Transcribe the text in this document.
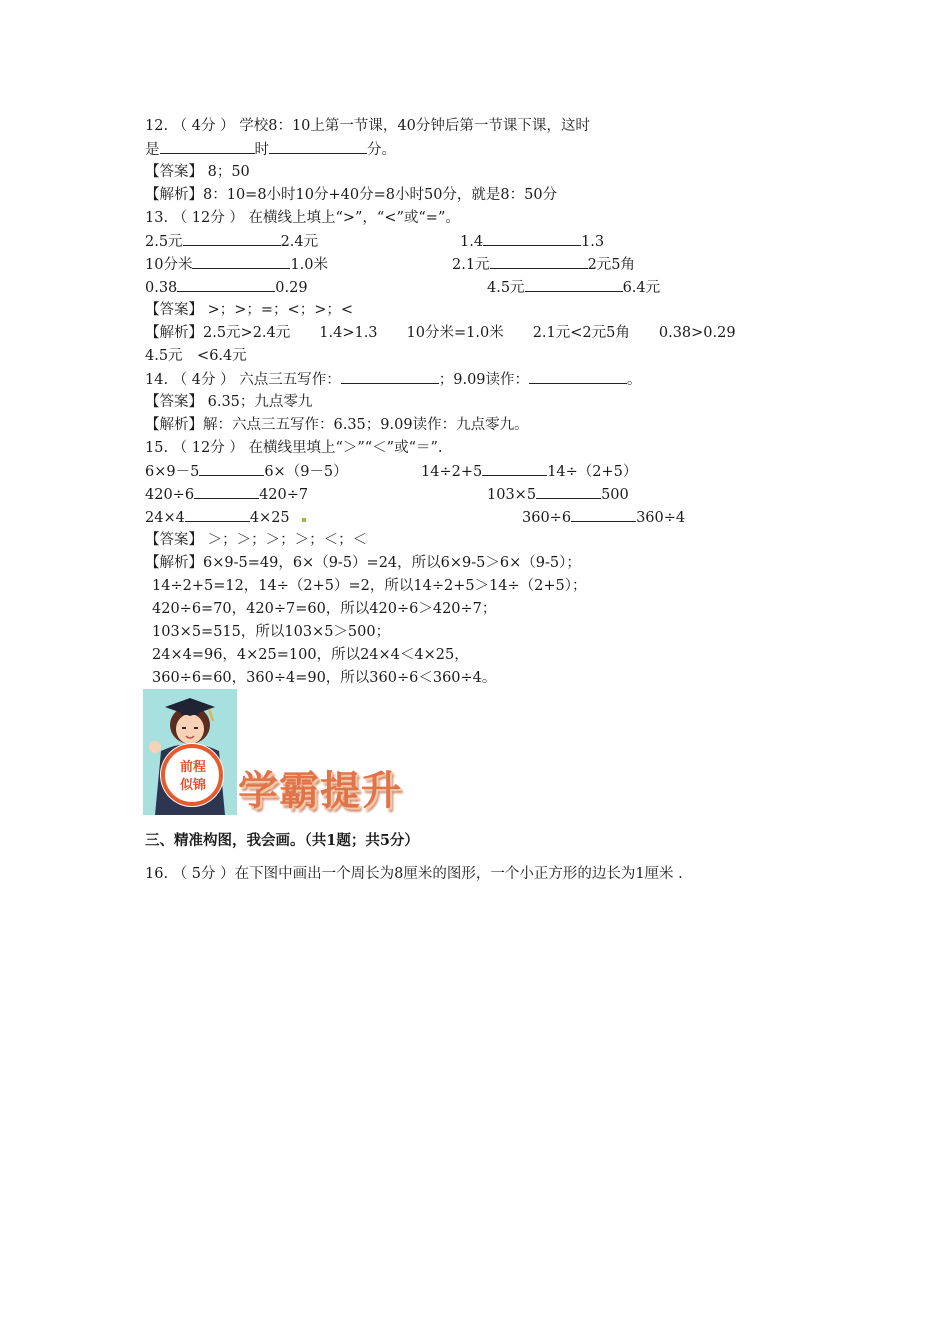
12. （ 4分 ） 学校8：10上第一节课，40分钟后第一节课下课，这时
是	时	分。
【答案】 8；50
【解析】8：10=8小时10分+40分=8小时50分，就是8：50分
13. （ 12分 ） 在横线上填上“>”，“<”或“=”。
2.5元	2.4元	1.4	1.3
10分米	1.0米	2.1元	2元5角
0.38	0.29	4.5元	6.4元
【答案】 >；>；=；<；>；<
【解析】2.5元>2.4元　　1.4>1.3　　10分米=1.0米　　2.1元<2元5角　　0.38>0.29
4.5元　<6.4元
14. （ 4分 ） 六点三五写作：	；9.09读作：	。
【答案】 6.35；九点零九
【解析】解：六点三五写作：6.35；9.09读作：九点零九。
15. （ 12分 ） 在横线里填上“＞”“＜”或“＝”.
6×9－5	6×（9－5）	14÷2+5	14÷（2+5）
420÷6	420÷7	103×5	500
24×4	4×25	360÷6	360÷4
【答案】 ＞；＞；＞；＞；＜；＜
【解析】6×9-5=49，6×（9-5）=24，所以6×9-5＞6×（9-5）；
14÷2+5=12，14÷（2+5）=2，所以14÷2+5＞14÷（2+5）；
420÷6=70，420÷7=60，所以420÷6＞420÷7；
103×5=515，所以103×5＞500；
24×4=96，4×25=100，所以24×4＜4×25，
360÷6=60，360÷4=90，所以360÷6＜360÷4。
前程
似锦 学霸提升
三、精准构图，我会画。（共1题；共5分）
16. （ 5分 ）在下图中画出一个周长为8厘米的图形，一个小正方形的边长为1厘米 .
